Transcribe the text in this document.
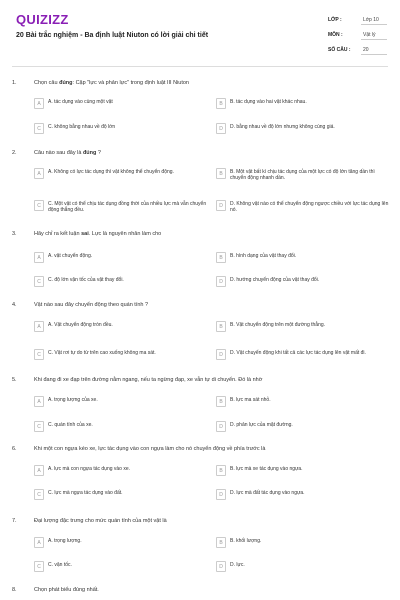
QUIZIZZ
20 Bài trắc nghiệm - Ba định luật Niuton có lời giải chi tiết
LỚP :	Lớp 10
MÔN :	Vật lý
SỐ CÂU :	20
1.	Chọn câu đúng: Cặp "lực và phản lực" trong định luật III Niuton
A	A. tác dụng vào cùng một vật	B	B. tác dụng vào hai vật khác nhau.
C	C. không bằng nhau về độ lớn	D	D. bằng nhau về độ lớn nhưng không cùng giá.
2.	Câu nào sau đây là đúng ?
A	A. Không có lực tác dụng thì vật không thể chuyển động.	B	B. Một vật bất kì chịu tác dụng của một lực có độ lớn tăng dần thì chuyển động nhanh dần.
C	C. Một vật có thể chịu tác dụng đồng thời của nhiều lực mà vẫn chuyển động thẳng đều.
D	D. Không vật nào có thể chuyển động ngược chiều với lực tác dụng lên nó.
3.	Hãy chỉ ra kết luận sai. Lực là nguyên nhân làm cho
A	A. vật chuyển động.	B	B. hình dạng của vật thay đổi.
C	C. độ lớn vận tốc của vật thay đổi.	D	D. hướng chuyển động của vật thay đổi.
4.	Vật nào sau đây chuyển động theo quán tính ?
A	A. Vật chuyển động tròn đều.	B	B. Vật chuyển động trên một đường thẳng.
C	C. Vật rơi tự do từ trên cao xuống không ma sát.	D	D. Vật chuyển động khi tất cả các lực tác dụng lên vật mất đi.
5.	Khi đang đi xe đạp trên đường nằm ngang, nếu ta ngừng đạp, xe vẫn tự di chuyển. Đó là nhờ
A	A. trọng lượng của xe.	B	B. lực ma sát nhỏ.
C	C. quán tính của xe.	D	D. phản lực của mặt đường.
6.	Khi một con ngựa kéo xe, lực tác dụng vào con ngựa làm cho nó chuyển động về phía trước là
A	A. lực mà con ngựa tác dụng vào xe.	B	B. lực mà xe tác dụng vào ngựa.
C	C. lực mà ngựa tác dụng vào đất.	D	D. lực mà đất tác dụng vào ngựa.
7.	Đại lượng đặc trưng cho mức quán tính của một vật là
A	A. trọng lượng.	B	B. khối lượng.
C	C. vận tốc.	D	D. lực.
8.	Chọn phát biểu đúng nhất.
